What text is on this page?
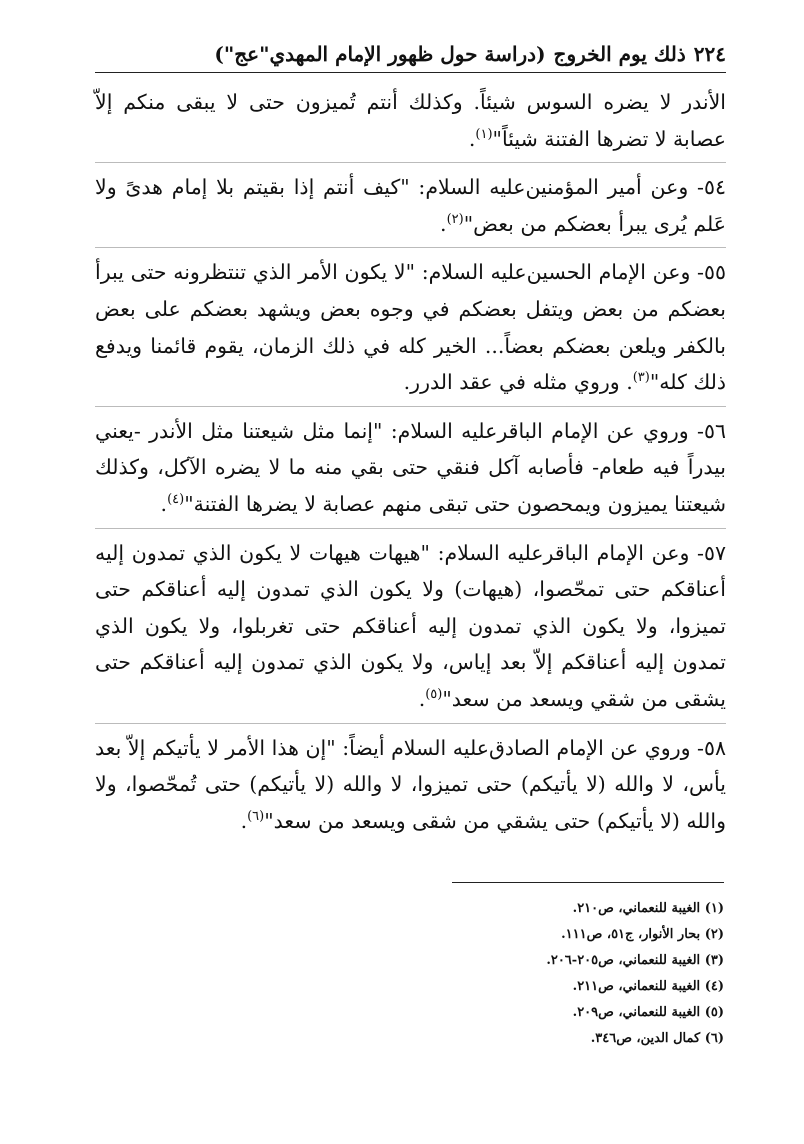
٢٢٤
ذلك يوم الخروج
(دراسة حول ظهور الإمام المهدي"عج")

الأندر لا يضره السوس شيئاً. وكذلك أنتم تُميزون حتى لا يبقى منكم إلاّ عصابة لا تضرها الفتنة شيئاً"$^{(١)}$.

٥٤- وعن أمير المؤمنين‌عليه السلام: "كيف أنتم إذا بقيتم بلا إمام هدىً ولا عَلم يُرى يبرأ بعضكم من بعض"$^{(٢)}$.

٥٥- وعن الإمام الحسين‌عليه السلام: "لا يكون الأمر الذي تنتظرونه حتى يبرأ بعضكم من بعض ويتفل بعضكم في وجوه بعض ويشهد بعضكم على بعض بالكفر ويلعن بعضكم بعضاً... الخير كله في ذلك الزمان، يقوم قائمنا ويدفع ذلك كله"$^{(٣)}$. وروي مثله في عقد الدرر.

٥٦- وروي عن الإمام الباقر‌عليه السلام: "إنما مثل شيعتنا مثل الأندر -يعني بيدراً فيه طعام- فأصابه آكل فنقي حتى بقي منه ما لا يضره الآكل، وكذلك شيعتنا يميزون ويمحصون حتى تبقى منهم عصابة لا يضرها الفتنة"$^{(٤)}$.

٥٧- وعن الإمام الباقر‌عليه السلام: "هيهات هيهات لا يكون الذي تمدون إليه أعناقكم حتى تمحّصوا، (هيهات) ولا يكون الذي تمدون إليه أعناقكم حتى تميزوا، ولا يكون الذي تمدون إليه أعناقكم حتى تغربلوا، ولا يكون الذي تمدون إليه أعناقكم إلاّ بعد إياس، ولا يكون الذي تمدون إليه أعناقكم حتى يشقى من شقي ويسعد من سعد"$^{(٥)}$.

٥٨- وروي عن الإمام الصادق‌عليه السلام أيضاً: "إن هذا الأمر لا يأتيكم إلاّ بعد يأس، لا والله (لا يأتيكم) حتى تميزوا، لا والله (لا يأتيكم) حتى تُمحّصوا، ولا والله (لا يأتيكم) حتى يشقي من شقى ويسعد من سعد"$^{(٦)}$.

(١) الغيبة للنعماني، ص٢١٠.
(٢) بحار الأنوار، ج٥١، ص١١١.
(٣) الغيبة للنعماني، ص٢٠٥-٢٠٦.
(٤) الغيبة للنعماني، ص٢١١.
(٥) الغيبة للنعماني، ص٢٠٩.
(٦) كمال الدين، ص٣٤٦.
